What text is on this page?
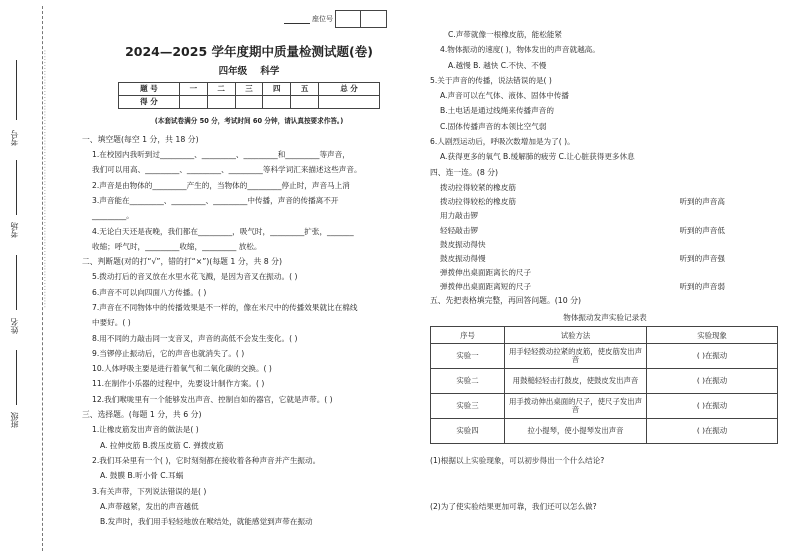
·························································································
考号
考场
姓名
班级
座位号
2024—2025 学年度期中质量检测试题(卷)
四年级 科学
题 号	一	二	三	四	五	总 分
得 分						
(本套试卷满分 50 分，考试时间 60 分钟，请认真按要求作答。)
一、填空题(每空 1 分，共 18 分)
1.在校园内我听到过_________、_________、_________和_________等声音，
我们可以用高、_________、_________、_________等科学词汇来描述这些声音。
2.声音是由物体的_________产生的，当物体的_________停止时，声音马上消
3.声音能在_________、_________、_________中传播，声音的传播离不开
_________。
4.无论白天还是夜晚，我们都在_________，吸气时，_________扩张，_______
收缩；呼气时，_________收缩，_________ 放松。
二、判断题(对的打“√”，错的打“×”)(每题 1 分，共 8 分)
5.拨动打后的音叉放在水里水花飞溅，是因为音叉在振动。( )
6.声音不可以向四面八方传播。( )
7.声音在不同物体中的传播效果是不一样的，像在米尺中的传播效果就比在棉线
中要好。( )
8.用不同的力敲击同一支音叉，声音的高低不会发生变化。( )
9.当锣停止振动后，它的声音也就消失了。( )
10.人体呼吸主要是进行着氧气和二氧化碳的交换。( )
11.在制作小乐器的过程中，先要设计制作方案。( )
12.我们喉咙里有一个能够发出声音、控制自如的器官，它就是声带。( )
三、选择题。(每题 1 分，共 6 分)
1.让橡皮筋发出声音的做法是( )
A. 拉伸皮筋 B.拨压皮筋 C. 弹拨皮筋
2.我们耳朵里有一个( )，它时刻刻都在接收着各种声音并产生振动。
A. 鼓膜 B.听小骨 C.耳蜗
3.有关声带，下列说法错误的是( )
A.声带越紧，发出的声音越低
B.发声时，我们用手轻轻地放在喉结处，就能感觉到声带在振动
C.声带就像一根橡皮筋，能松能紧
4.物体振动的速度( )，物体发出的声音就越高。
A.越慢 B. 越快 C.不快、不慢
5.关于声音的传播，说法错误的是( )
A.声音可以在气体、液体、固体中传播
B.土电话是通过线绳来传播声音的
C.固体传播声音的本领比空气弱
6.人剧烈运动后，呼吸次数增加是为了( )。
A.获得更多的氧气 B.缓解肺的疲劳 C.让心脏获得更多休息
四、连一连。(8 分)
拨动拉得较紧的橡皮筋
拨动拉得较松的橡皮筋	听到的声音高
用力敲击锣
轻轻敲击锣	听到的声音低
鼓皮振动得快
鼓皮振动得慢	听到的声音强
弹拨伸出桌面距离长的尺子
弹拨伸出桌面距离短的尺子	听到的声音弱
五、先把表格填完整，再回答问题。(10 分)
物体振动发声实验记录表
序号	试验方法	实验现象
实验一	用手轻轻拨动拉紧的皮筋，使皮筋发出声音	( )在振动
实验二	用鼓槌轻轻击打鼓皮，使鼓皮发出声音	( )在振动
实验三	用手拨动伸出桌面的尺子，使尺子发出声音	( )在振动
实验四	拉小提琴，使小提琴发出声音	( )在振动
(1)根据以上实验现象，可以初步得出一个什么结论?
(2)为了使实验结果更加可靠，我们还可以怎么做?
